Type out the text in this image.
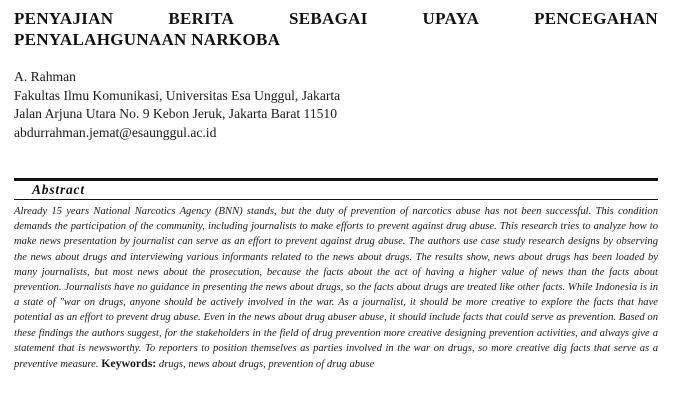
PENYAJIAN	BERITA	SEBAGAI	UPAYA	PENCEGAHAN
PENYALAHGUNAAN NARKOBA
A. Rahman
Fakultas Ilmu Komunikasi, Universitas Esa Unggul, Jakarta
Jalan Arjuna Utara No. 9 Kebon Jeruk, Jakarta Barat 11510
abdurrahman.jemat@esaunggul.ac.id
Abstract

Already 15 years National Narcotics Agency (BNN) stands, but the duty of prevention of narcotics abuse has not been successful. This condition demands the participation of the community, including journalists to make efforts to prevent against drug abuse. This research tries to analyze how to make news presentation by journalist can serve as an effort to prevent against drug abuse. The authors use case study research designs by observing the news about drugs and interviewing various informants related to the news about drugs. The results show, news about drugs has been loaded by many journalists, but most news about the prosecution, because the facts about the act of having a higher value of news than the facts about prevention. Journalists have no guidance in presenting the news about drugs, so the facts about drugs are treated like other facts. While Indonesia is in a state of "war on drugs, anyone should be actively involved in the war. As a journalist, it should be more creative to explore the facts that have potential as an effort to prevent drug abuse. Even in the news about drug abuser abuse, it should include facts that could serve as prevention. Based on these findings the authors suggest, for the stakeholders in the field of drug prevention more creative designing prevention activities, and always give a statement that is newsworthy. To reporters to position themselves as parties involved in the war on drugs, so more creative dig facts that serve as a preventive measure. Keywords: drugs, news about drugs, prevention of drug abuse
